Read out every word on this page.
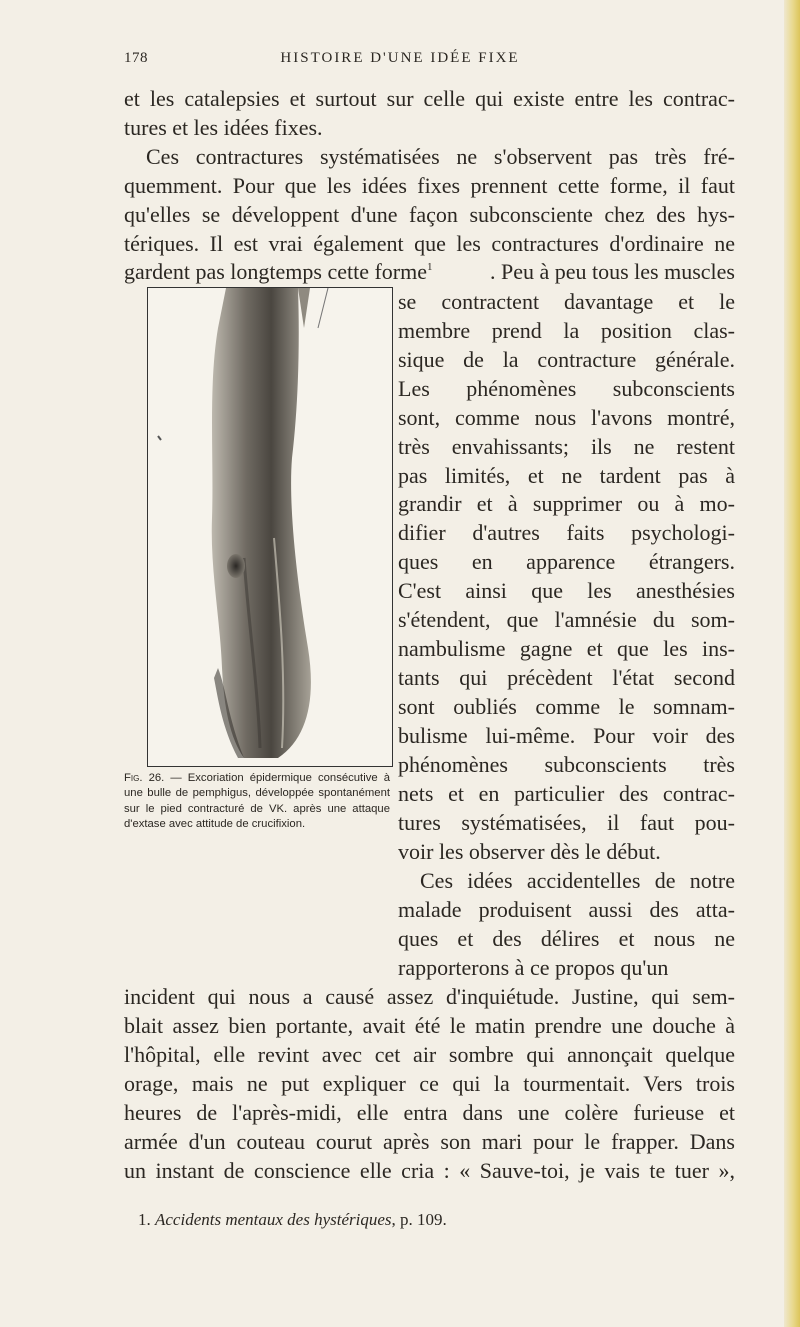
178	HISTOIRE D'UNE IDÉE FIXE
et les catalepsies et surtout sur celle qui existe entre les contrac-
tures et les idées fixes.
Ces contractures systématisées ne s'observent pas très fré-
quemment. Pour que les idées fixes prennent cette forme, il faut
qu'elles se développent d'une façon subconsciente chez des hys-
tériques. Il est vrai également que les contractures d'ordinaire ne
gardent pas longtemps cette forme$^1$	. Peu à peu tous les muscles
se contractent davantage et le
membre prend la position clas-
sique de la contracture générale.
Les phénomènes subconscients
sont, comme nous l'avons montré,
très envahissants; ils ne restent
pas limités, et ne tardent pas à
grandir et à supprimer ou à mo-
difier d'autres faits psychologi-
ques en apparence étrangers.
C'est ainsi que les anesthésies
s'étendent, que l'amnésie du som-
nambulisme gagne et que les ins-
tants qui précèdent l'état second
sont oubliés comme le somnam-
bulisme lui-même. Pour voir des
phénomènes subconscients très
nets et en particulier des contrac-
tures systématisées, il faut pou-
voir les observer dès le début.
Ces idées accidentelles de notre
malade produisent aussi des atta-
ques et des délires et nous ne
rapporterons à ce propos qu'un
Fig. 26. — Excoriation épidermique consécutive à une bulle de pemphigus, développée spontanément sur le pied contracturé de VK. après une attaque d'extase avec attitude de crucifixion.
incident qui nous a causé assez d'inquiétude. Justine, qui sem-
blait assez bien portante, avait été le matin prendre une douche à
l'hôpital, elle revint avec cet air sombre qui annonçait quelque
orage, mais ne put expliquer ce qui la tourmentait. Vers trois
heures de l'après-midi, elle entra dans une colère furieuse et
armée d'un couteau courut après son mari pour le frapper. Dans
un instant de conscience elle cria : « Sauve-toi, je vais te tuer »,
1. Accidents mentaux des hystériques, p. 109.
